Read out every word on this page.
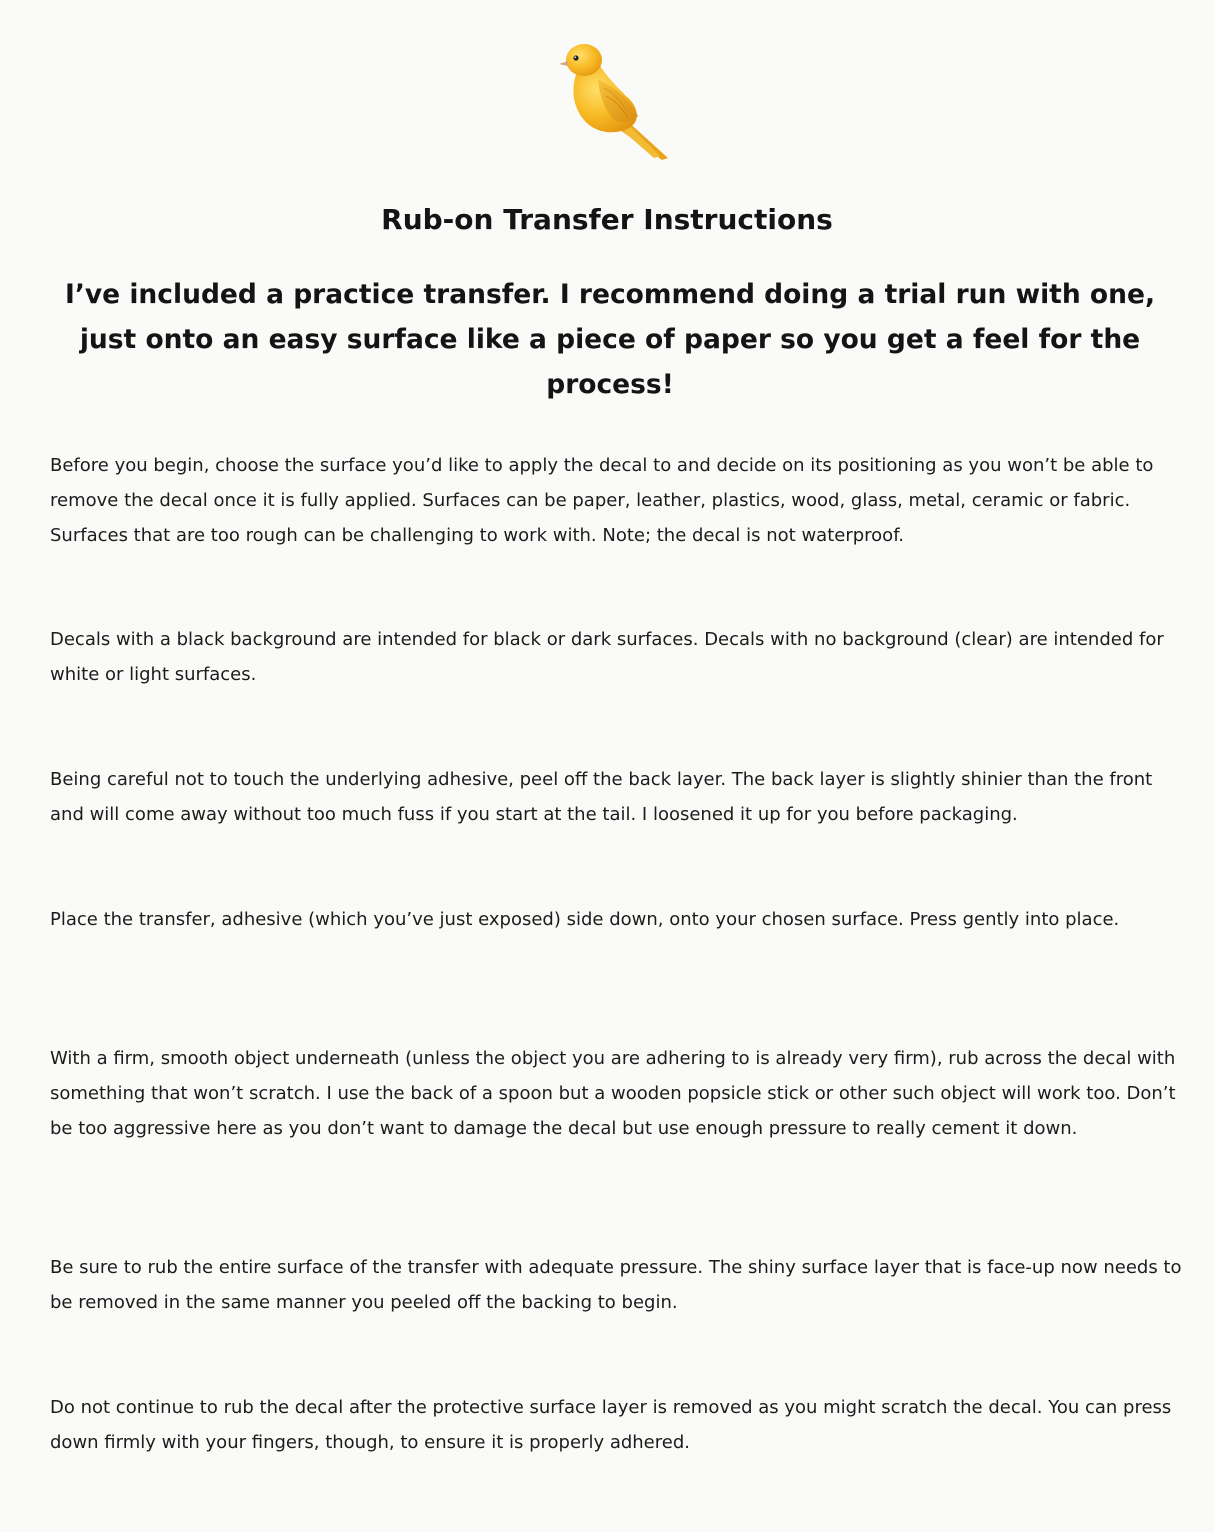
Rub-on Transfer Instructions
I’ve included a practice transfer. I recommend doing a trial run with one, just onto an easy surface like a piece of paper so you get a feel for the process!

Before you begin, choose the surface you’d like to apply the decal to and decide on its positioning as you won’t be able to remove the decal once it is fully applied. Surfaces can be paper, leather, plastics, wood, glass, metal, ceramic or fabric. Surfaces that are too rough can be challenging to work with. Note; the decal is not waterproof.

Decals with a black background are intended for black or dark surfaces. Decals with no background (clear) are intended for white or light surfaces.

Being careful not to touch the underlying adhesive, peel off the back layer. The back layer is slightly shinier than the front and will come away without too much fuss if you start at the tail. I loosened it up for you before packaging.

Place the transfer, adhesive (which you’ve just exposed) side down, onto your chosen surface. Press gently into place.

With a firm, smooth object underneath (unless the object you are adhering to is already very firm), rub across the decal with something that won’t scratch. I use the back of a spoon but a wooden popsicle stick or other such object will work too. Don’t be too aggressive here as you don’t want to damage the decal but use enough pressure to really cement it down.

Be sure to rub the entire surface of the transfer with adequate pressure. The shiny surface layer that is face-up now needs to be removed in the same manner you peeled off the backing to begin.

Do not continue to rub the decal after the protective surface layer is removed as you might scratch the decal. You can press down firmly with your fingers, though, to ensure it is properly adhered.
